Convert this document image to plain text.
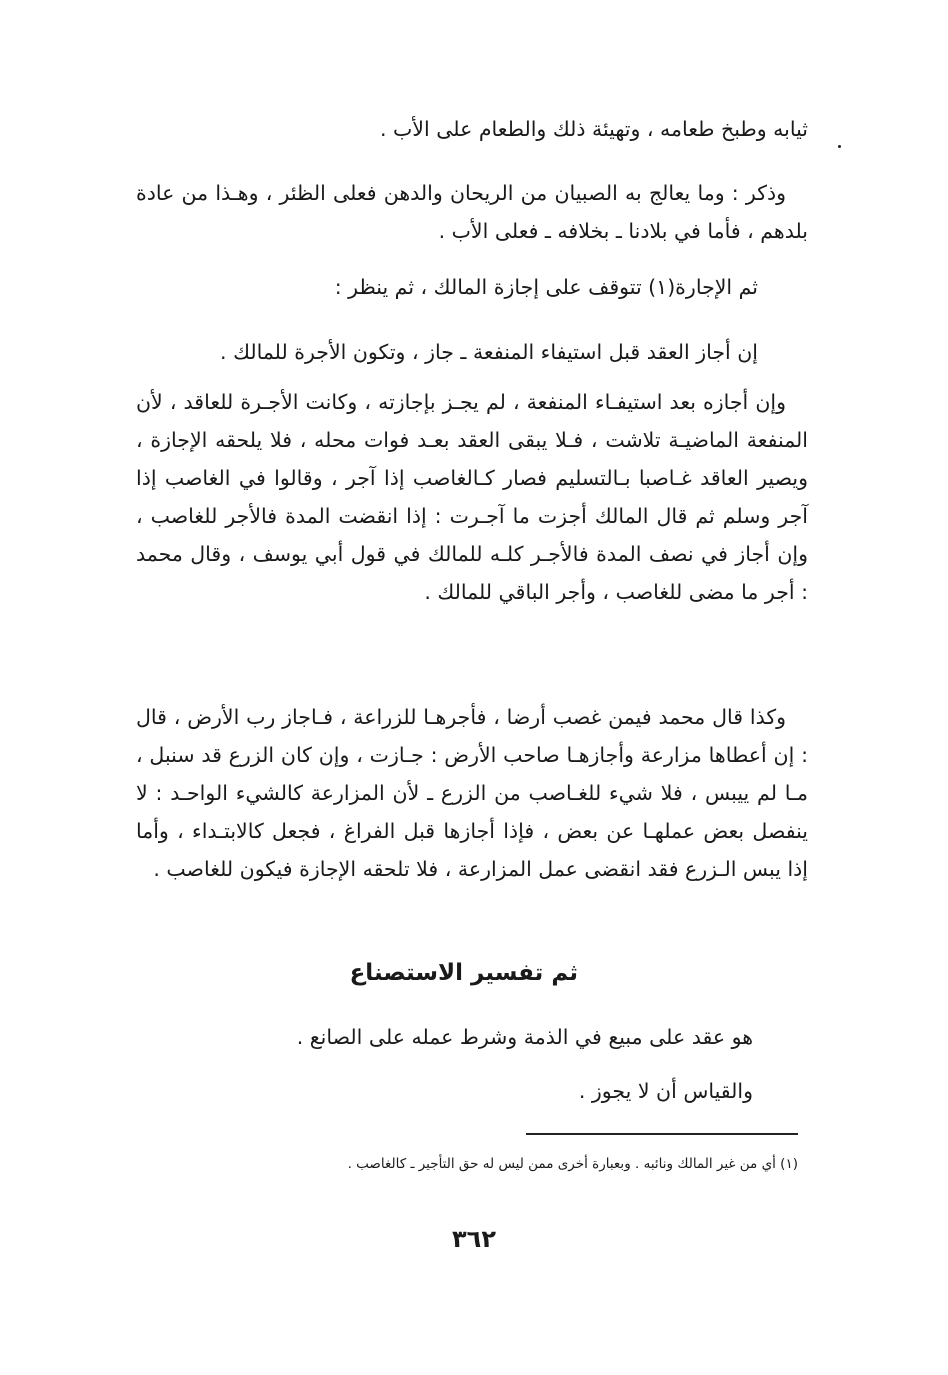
ثيابه وطبخ طعامه ، وتهيئة ذلك والطعام على الأب .

وذكر : وما يعالج به الصبيان من الريحان والدهن فعلى الظئر ، وهـذا من عادة بلدهم ، فأما في بلادنا ـ بخلافه ـ فعلى الأب .

ثم الإجارة(١) تتوقف على إجازة المالك ، ثم ينظر :

إن أجاز العقد قبل استيفاء المنفعة ـ جاز ، وتكون الأجرة للمالك .

وإن أجازه بعد استيفـاء المنفعة ، لم يجـز بإجازته ، وكانت الأجـرة للعاقد ، لأن المنفعة الماضيـة تلاشت ، فـلا يبقى العقد بعـد فوات محله ، فلا يلحقه الإجازة ، ويصير العاقد غـاصبا بـالتسليم فصار كـالغاصب إذا آجر ، وقالوا في الغاصب إذا آجر وسلم ثم قال المالك أجزت ما آجـرت : إذا انقضت المدة فالأجر للغاصب ، وإن أجاز في نصف المدة فالأجـر كلـه للمالك في قول أبي يوسف ، وقال محمد : أجر ما مضى للغاصب ، وأجر الباقي للمالك .

وكذا قال محمد فيمن غصب أرضا ، فأجرهـا للزراعة ، فـاجاز رب الأرض ، قال : إن أعطاها مزارعة وأجازهـا صاحب الأرض : جـازت ، وإن كان الزرع قد سنبل ، مـا لم ييبس ، فلا شيء للغـاصب من الزرع ـ لأن المزارعة كالشيء الواحـد : لا ينفصل بعض عملهـا عن بعض ، فإذا أجازها قبل الفراغ ، فجعل كالابتـداء ، وأما إذا يبس الـزرع فقد انقضى عمل المزارعة ، فلا تلحقه الإجازة فيكون للغاصب .

ثم تفسير الاستصناع

هو عقد على مبيع في الذمة وشرط عمله على الصانع .

والقياس أن لا يجوز .

(١) أي من غير المالك ونائبه . وبعبارة أخرى ممن ليس له حق التأجير ـ كالغاصب .
٣٦٢
